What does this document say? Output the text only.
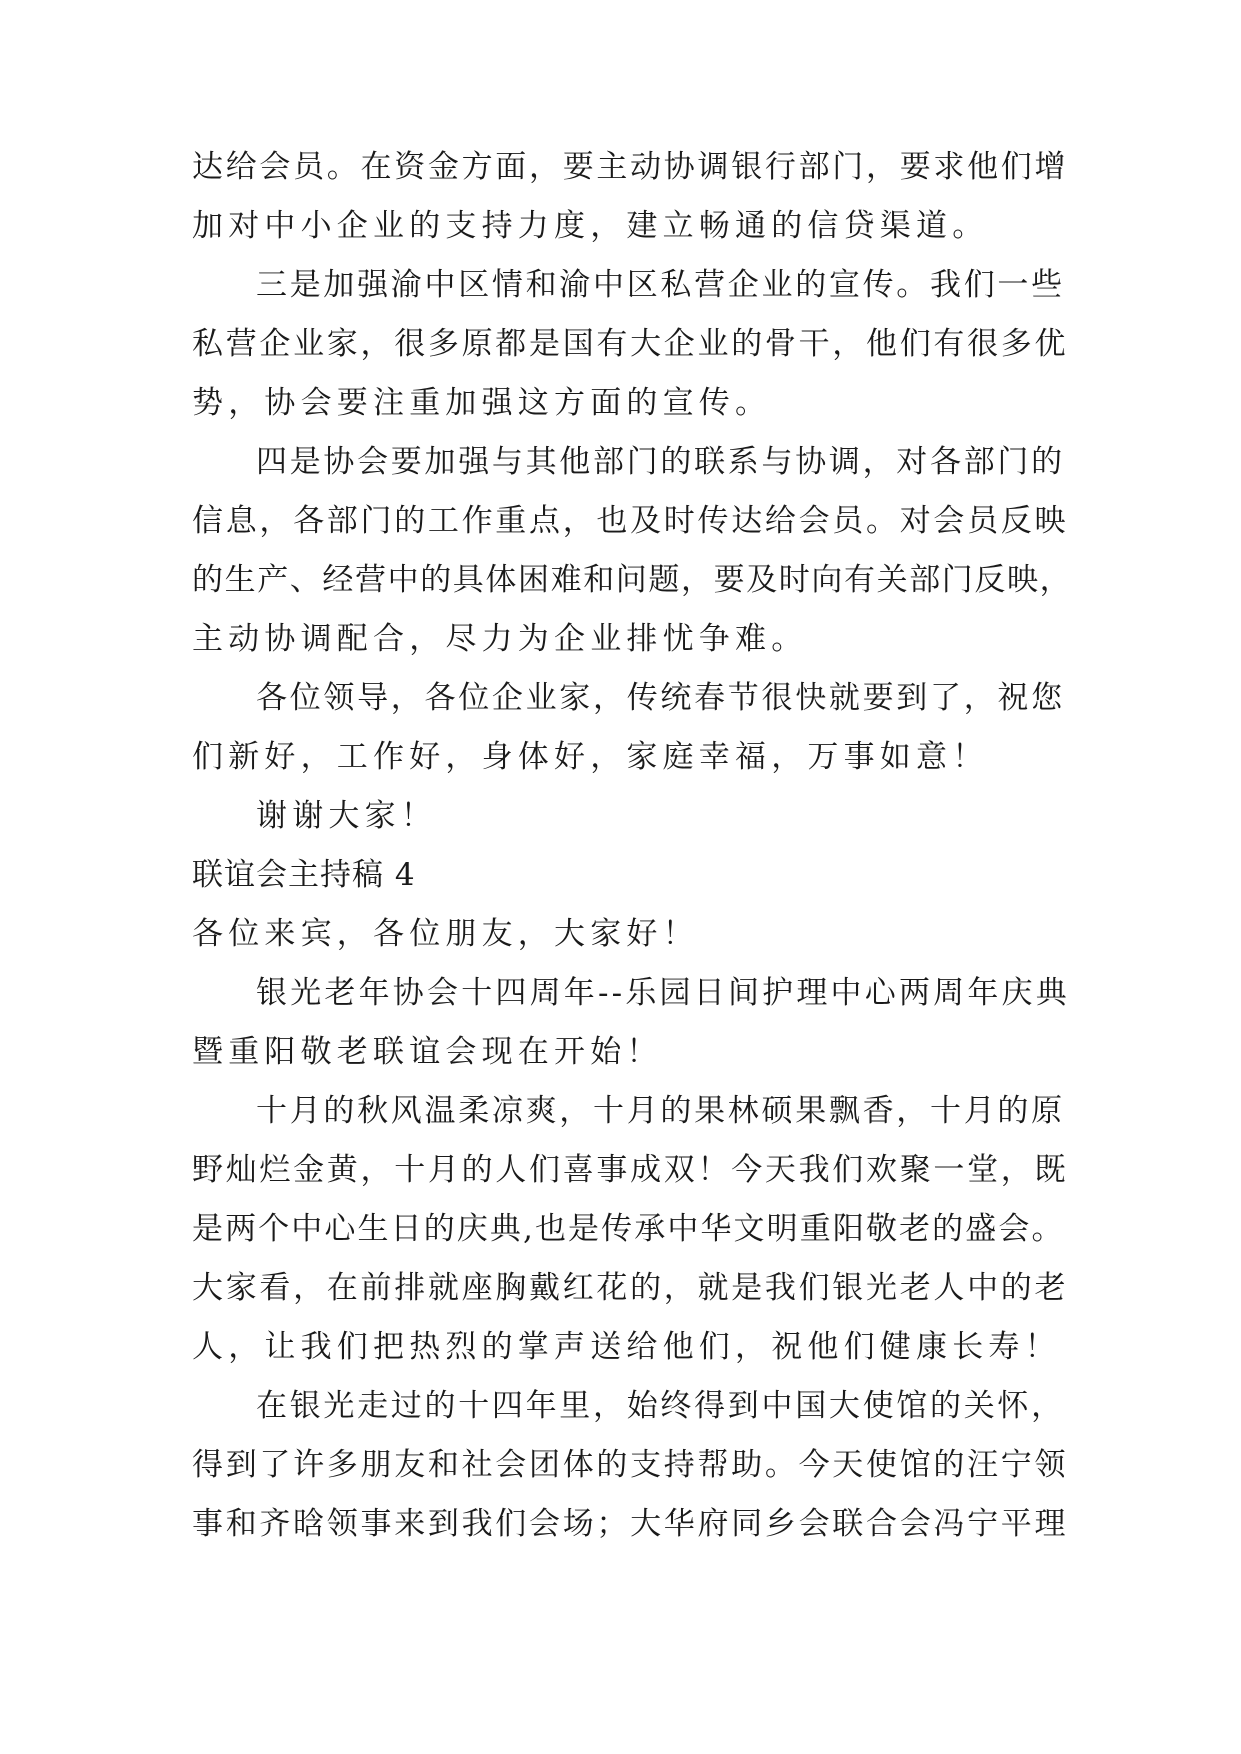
达给会员。在资金方面，要主动协调银行部门，要求他们增
加对中小企业的支持力度，建立畅通的信贷渠道。
三是加强渝中区情和渝中区私营企业的宣传。我们一些
私营企业家，很多原都是国有大企业的骨干，他们有很多优
势，协会要注重加强这方面的宣传。
四是协会要加强与其他部门的联系与协调，对各部门的
信息，各部门的工作重点，也及时传达给会员。对会员反映
的生产、经营中的具体困难和问题，要及时向有关部门反映，
主动协调配合，尽力为企业排忧争难。
各位领导，各位企业家，传统春节很快就要到了，祝您
们新好，工作好，身体好，家庭幸福，万事如意！
谢谢大家！
联谊会主持稿 4
各位来宾，各位朋友，大家好！
银光老年协会十四周年--乐园日间护理中心两周年庆典
暨重阳敬老联谊会现在开始！
十月的秋风温柔凉爽，十月的果林硕果飘香，十月的原
野灿烂金黄，十月的人们喜事成双！今天我们欢聚一堂，既
是两个中心生日的庆典,也是传承中华文明重阳敬老的盛会。
大家看，在前排就座胸戴红花的，就是我们银光老人中的老
人，让我们把热烈的掌声送给他们，祝他们健康长寿！
在银光走过的十四年里，始终得到中国大使馆的关怀，
得到了许多朋友和社会团体的支持帮助。今天使馆的汪宁领
事和齐晗领事来到我们会场；大华府同乡会联合会冯宁平理
